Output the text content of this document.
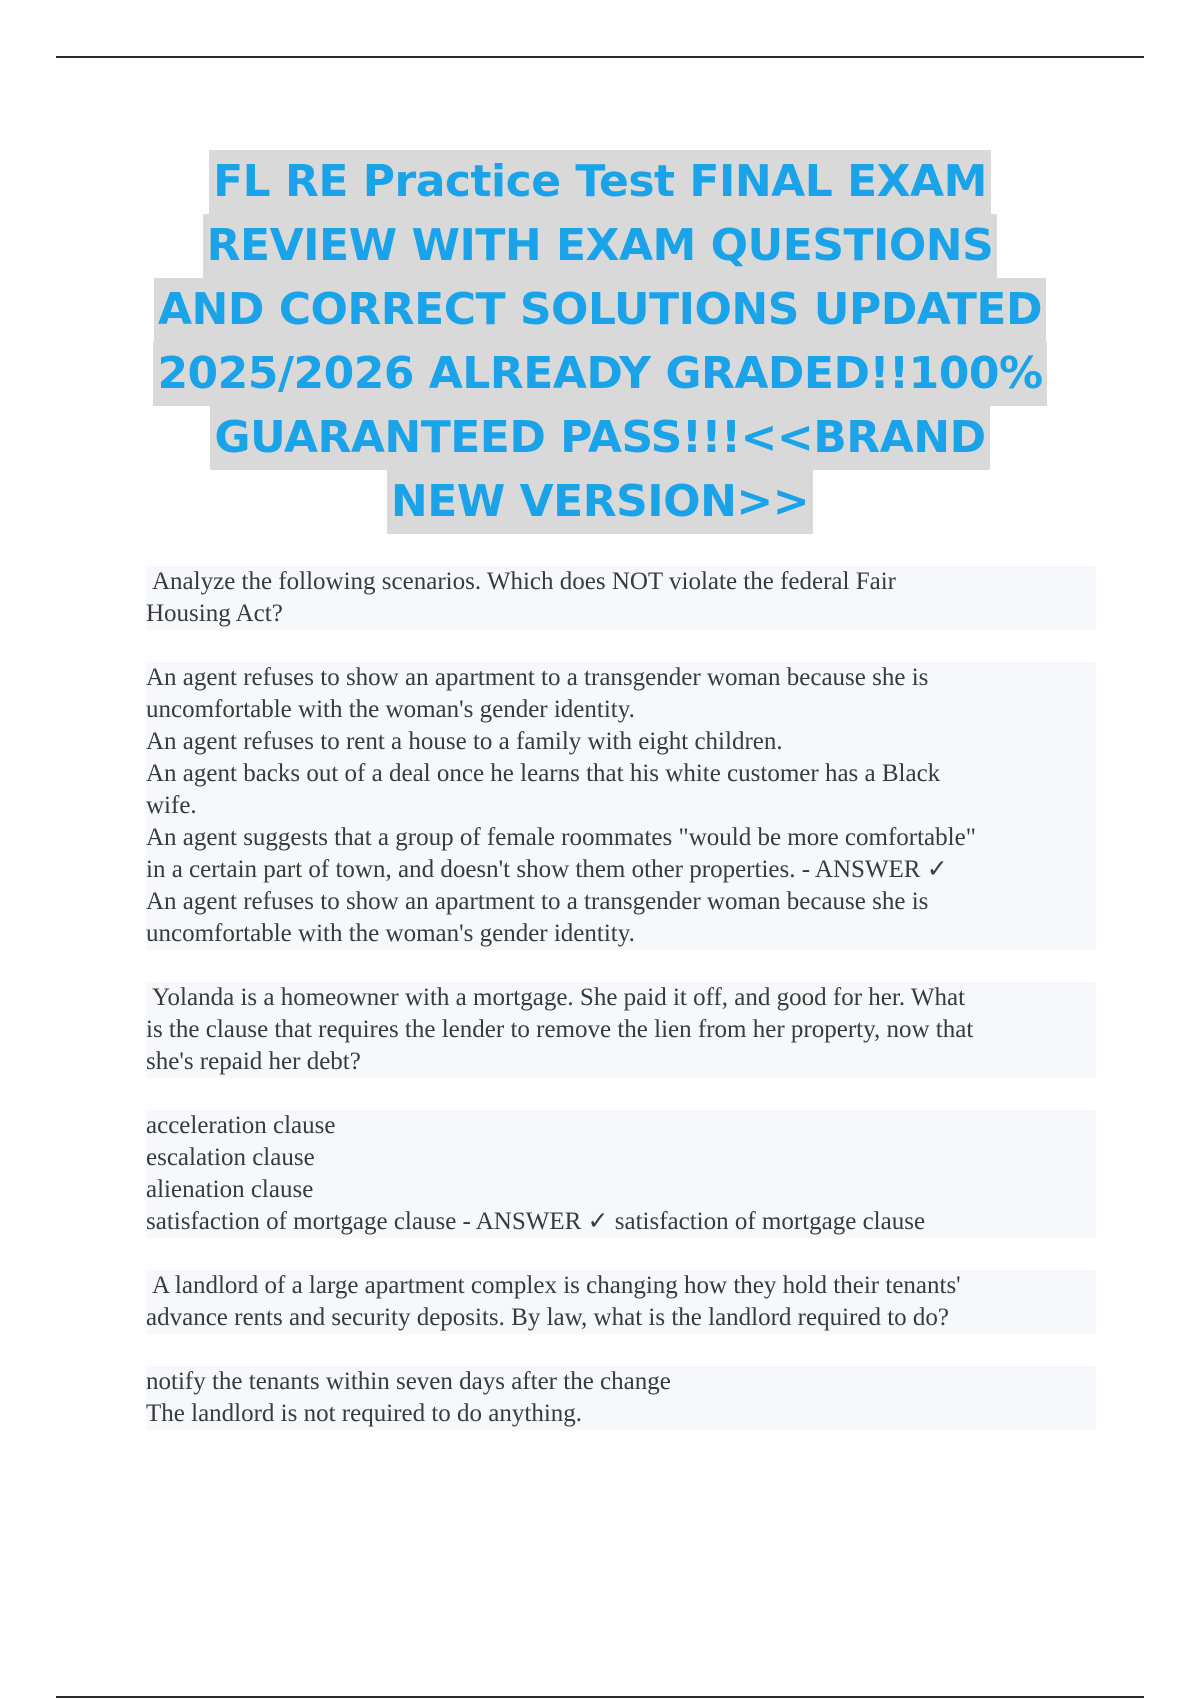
FL RE Practice Test FINAL EXAM
REVIEW WITH EXAM QUESTIONS
AND CORRECT SOLUTIONS UPDATED
2025/2026 ALREADY GRADED!!100%
GUARANTEED PASS!!!<<BRAND
NEW VERSION>>
Analyze the following scenarios. Which does NOT violate the federal Fair
Housing Act?
An agent refuses to show an apartment to a transgender woman because she is
uncomfortable with the woman's gender identity.
An agent refuses to rent a house to a family with eight children.
An agent backs out of a deal once he learns that his white customer has a Black
wife.
An agent suggests that a group of female roommates "would be more comfortable"
in a certain part of town, and doesn't show them other properties. - ANSWER ✓
An agent refuses to show an apartment to a transgender woman because she is
uncomfortable with the woman's gender identity.
Yolanda is a homeowner with a mortgage. She paid it off, and good for her. What
is the clause that requires the lender to remove the lien from her property, now that
she's repaid her debt?
acceleration clause
escalation clause
alienation clause
satisfaction of mortgage clause - ANSWER ✓ satisfaction of mortgage clause
A landlord of a large apartment complex is changing how they hold their tenants'
advance rents and security deposits. By law, what is the landlord required to do?
notify the tenants within seven days after the change
The landlord is not required to do anything.
